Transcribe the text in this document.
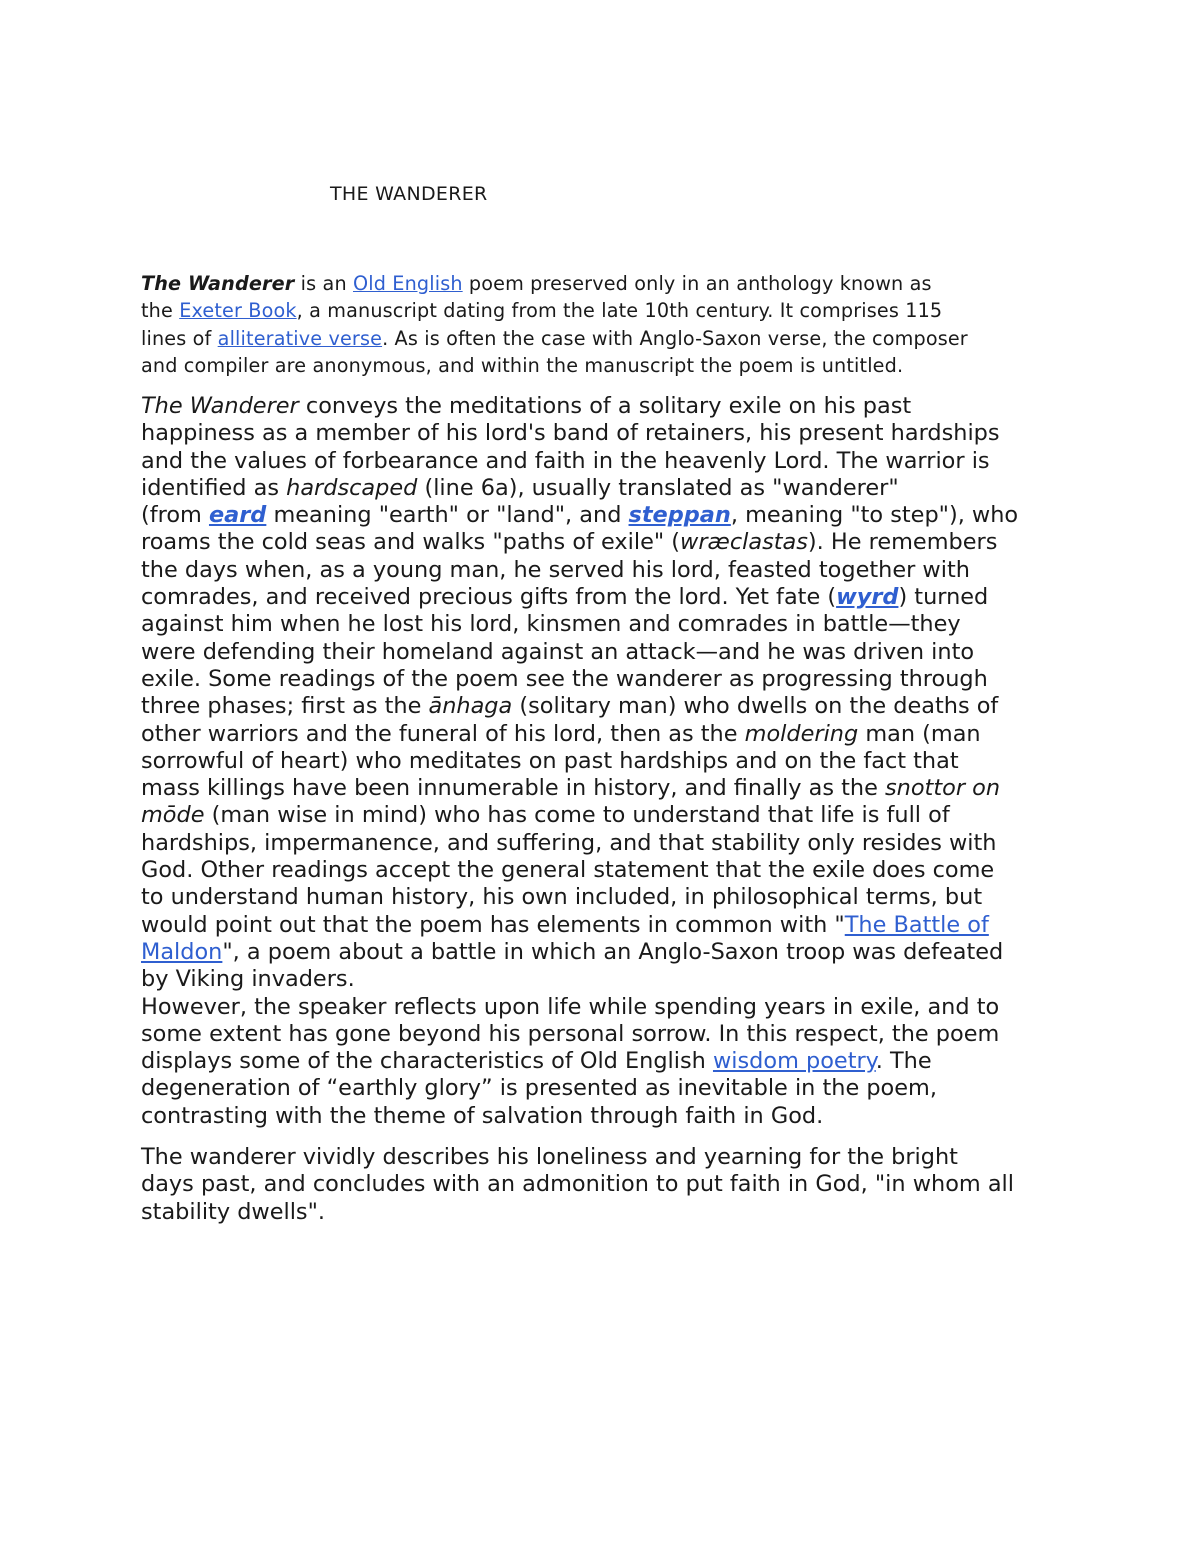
THE WANDERER

The Wanderer is an Old English poem preserved only in an anthology known as
the Exeter Book, a manuscript dating from the late 10th century. It comprises 115
lines of alliterative verse. As is often the case with Anglo-Saxon verse, the composer
and compiler are anonymous, and within the manuscript the poem is untitled.

The Wanderer conveys the meditations of a solitary exile on his past
happiness as a member of his lord's band of retainers, his present hardships
and the values of forbearance and faith in the heavenly Lord. The warrior is
identified as hardscaped (line 6a), usually translated as "wanderer"
(from eard meaning "earth" or "land", and steppan, meaning "to step"), who
roams the cold seas and walks "paths of exile" (wræclastas). He remembers
the days when, as a young man, he served his lord, feasted together with
comrades, and received precious gifts from the lord. Yet fate (wyrd) turned
against him when he lost his lord, kinsmen and comrades in battle—they
were defending their homeland against an attack—and he was driven into
exile. Some readings of the poem see the wanderer as progressing through
three phases; first as the ānhaga (solitary man) who dwells on the deaths of
other warriors and the funeral of his lord, then as the moldering man (man
sorrowful of heart) who meditates on past hardships and on the fact that
mass killings have been innumerable in history, and finally as the snottor on
mōde (man wise in mind) who has come to understand that life is full of
hardships, impermanence, and suffering, and that stability only resides with
God. Other readings accept the general statement that the exile does come
to understand human history, his own included, in philosophical terms, but
would point out that the poem has elements in common with "The Battle of
Maldon", a poem about a battle in which an Anglo-Saxon troop was defeated
by Viking invaders.
However, the speaker reflects upon life while spending years in exile, and to
some extent has gone beyond his personal sorrow. In this respect, the poem
displays some of the characteristics of Old English wisdom poetry. The
degeneration of “earthly glory” is presented as inevitable in the poem,
contrasting with the theme of salvation through faith in God.

The wanderer vividly describes his loneliness and yearning for the bright
days past, and concludes with an admonition to put faith in God, "in whom all
stability dwells".
